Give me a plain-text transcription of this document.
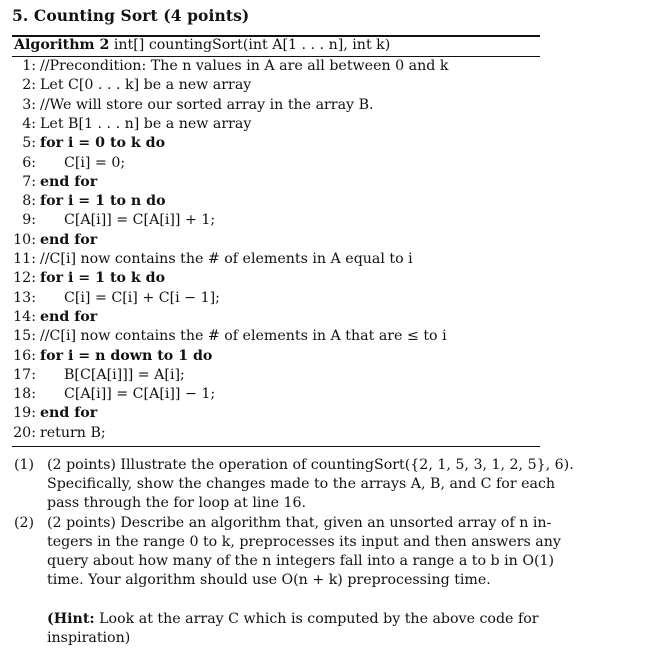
5. Counting Sort (4 points)
Algorithm 2 int[] countingSort(int A[1 . . . n], int k)
1: //Precondition: The n values in A are all between 0 and k
2: Let C[0 . . . k] be a new array
3: //We will store our sorted array in the array B.
4: Let B[1 . . . n] be a new array
5: for i = 0 to k do
6: C[i] = 0;
7: end for
8: for i = 1 to n do
9: C[A[i]] = C[A[i]] + 1;
10: end for
11: //C[i] now contains the # of elements in A equal to i
12: for i = 1 to k do
13: C[i] = C[i] + C[i − 1];
14: end for
15: //C[i] now contains the # of elements in A that are ≤ to i
16: for i = n down to 1 do
17: B[C[A[i]]] = A[i];
18: C[A[i]] = C[A[i]] − 1;
19: end for
20: return B;
(1) (2 points) Illustrate the operation of countingSort({2, 1, 5, 3, 1, 2, 5}, 6).
Specifically, show the changes made to the arrays A, B, and C for each
pass through the for loop at line 16.
(2) (2 points) Describe an algorithm that, given an unsorted array of n in-
tegers in the range 0 to k, preprocesses its input and then answers any
query about how many of the n integers fall into a range a to b in O(1)
time. Your algorithm should use O(n + k) preprocessing time.
(Hint: Look at the array C which is computed by the above code for
inspiration)
